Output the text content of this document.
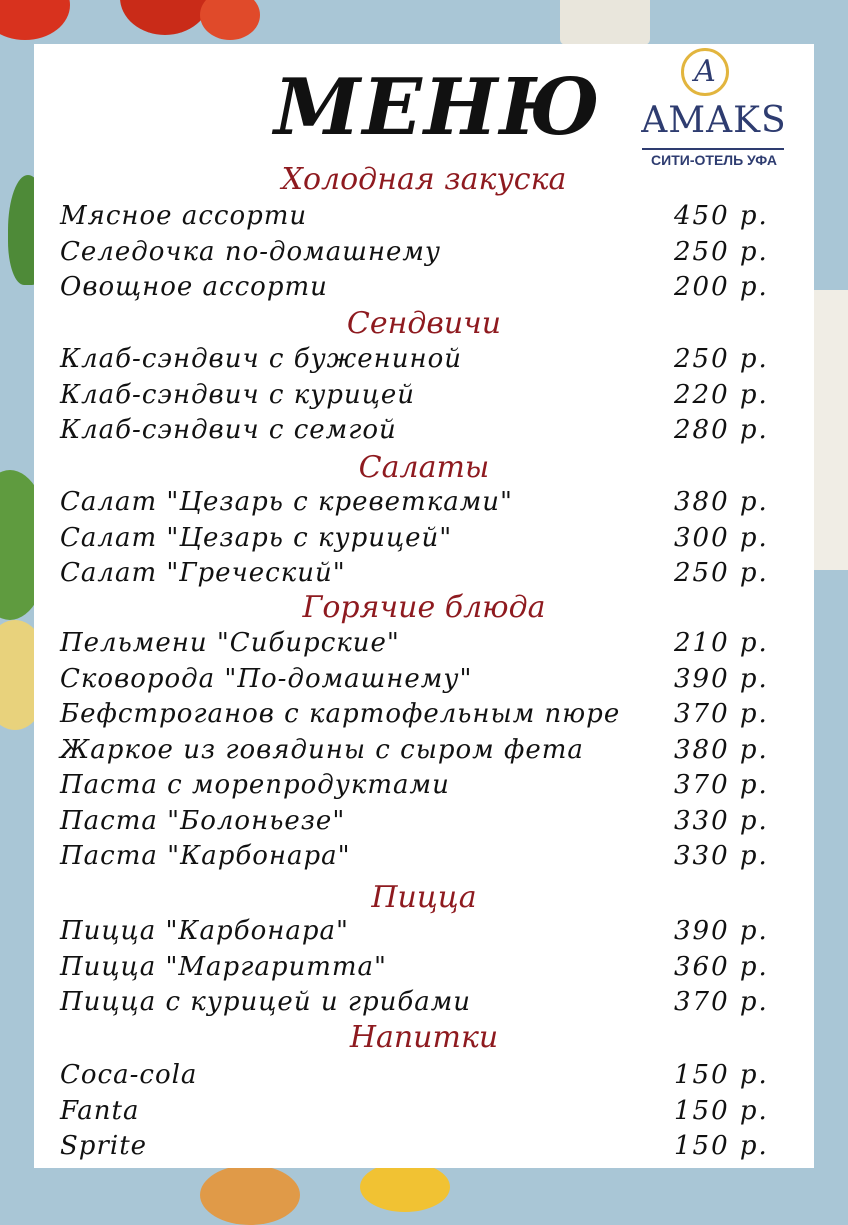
МЕНЮ	А
AMAKS
СИТИ-ОТЕЛЬ УФА
Холодная закуска
Мясное ассорти	450 р.
Селедочка по-домашнему	250 р.
Овощное ассорти	200 р.
Сендвичи
Клаб-сэндвич с бужениной	250 р.
Клаб-сэндвич с курицей	220 р.
Клаб-сэндвич с семгой	280 р.
Салаты
Салат "Цезарь с креветками"	380 р.
Салат "Цезарь с курицей"	300 р.
Салат "Греческий"	250 р.
Горячие блюда
Пельмени "Сибирские"	210 р.
Сковорода "По-домашнему"	390 р.
Бефстроганов с картофельным пюре 370 р.
Жаркое из говядины с сыром фета	380 р.
Паста с морепродуктами	370 р.
Паста "Болоньезе"	330 р.
Паста "Карбонара"	330 р.
Пицца
Пицца "Карбонара"	390 р.
Пицца "Маргаритта"	360 р.
Пицца с курицей и грибами	370 р.
Напитки
Coca-cola	150 р.
Fanta	150 р.
Sprite	150 р.
